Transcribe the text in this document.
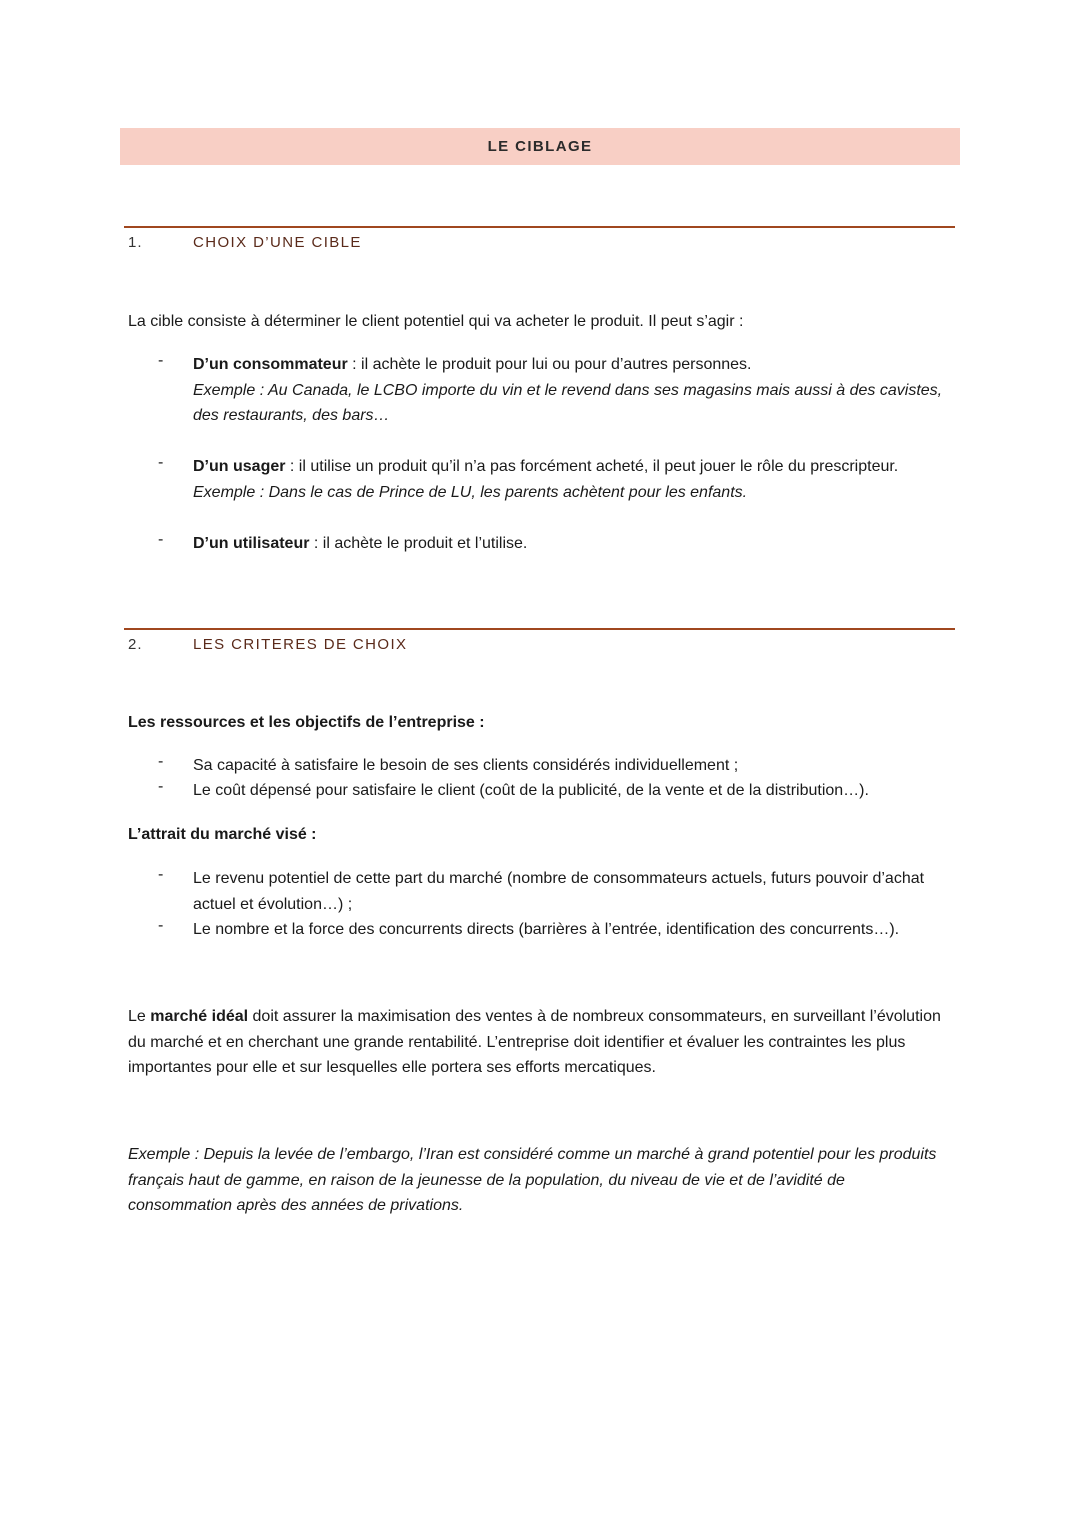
LE CIBLAGE
1.	CHOIX D’UNE CIBLE
La cible consiste à déterminer le client potentiel qui va acheter le produit. Il peut s’agir :
- D’un consommateur : il achète le produit pour lui ou pour d’autres personnes.
Exemple : Au Canada, le LCBO importe du vin et le revend dans ses magasins mais aussi à des cavistes, des restaurants, des bars…
- D’un usager : il utilise un produit qu’il n’a pas forcément acheté, il peut jouer le rôle du prescripteur.
Exemple : Dans le cas de Prince de LU, les parents achètent pour les enfants.
- D’un utilisateur : il achète le produit et l’utilise.
2.	LES CRITERES DE CHOIX
Les ressources et les objectifs de l’entreprise :
- Sa capacité à satisfaire le besoin de ses clients considérés individuellement ;
- Le coût dépensé pour satisfaire le client (coût de la publicité, de la vente et de la distribution…).
L’attrait du marché visé :
- Le revenu potentiel de cette part du marché (nombre de consommateurs actuels, futurs pouvoir d’achat actuel et évolution…) ;
- Le nombre et la force des concurrents directs (barrières à l’entrée, identification des concurrents…).
Le marché idéal doit assurer la maximisation des ventes à de nombreux consommateurs, en surveillant l’évolution du marché et en cherchant une grande rentabilité. L’entreprise doit identifier et évaluer les contraintes les plus importantes pour elle et sur lesquelles elle portera ses efforts mercatiques.
Exemple : Depuis la levée de l’embargo, l’Iran est considéré comme un marché à grand potentiel pour les produits français haut de gamme, en raison de la jeunesse de la population, du niveau de vie et de l’avidité de consommation après des années de privations.
